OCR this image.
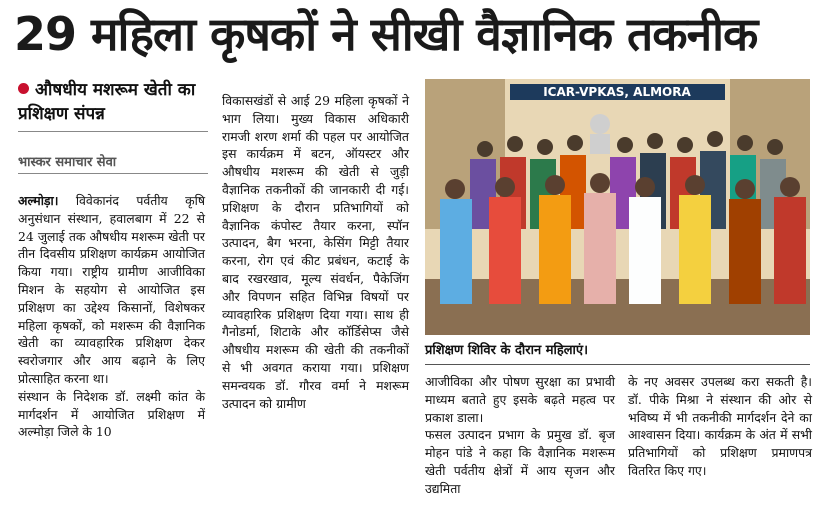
29 महिला कृषकों ने सीखी वैज्ञानिक तकनीक
औषधीय मशरूम खेती का प्रशिक्षण संपन्न
भास्कर समाचार सेवा

अल्मोड़ा। विवेकानंद पर्वतीय कृषि अनुसंधान संस्थान, हवालबाग में 22 से 24 जुलाई तक औषधीय मशरूम खेती पर तीन दिवसीय प्रशिक्षण कार्यक्रम आयोजित किया गया। राष्ट्रीय ग्रामीण आजीविका मिशन के सहयोग से आयोजित इस प्रशिक्षण का उद्देश्य किसानों, विशेषकर महिला कृषकों, को मशरूम की वैज्ञानिक खेती का व्यावहारिक प्रशिक्षण देकर स्वरोजगार और आय बढ़ाने के लिए प्रोत्साहित करना था।

संस्थान के निदेशक डॉ. लक्ष्मी कांत के मार्गदर्शन में आयोजित प्रशिक्षण में अल्मोड़ा जिले के 10

विकासखंडों से आई 29 महिला कृषकों ने भाग लिया। मुख्य विकास अधिकारी रामजी शरण शर्मा की पहल पर आयोजित इस कार्यक्रम में बटन, ऑयस्टर और औषधीय मशरूम की खेती से जुड़ी वैज्ञानिक तकनीकों की जानकारी दी गई। प्रशिक्षण के दौरान प्रतिभागियों को वैज्ञानिक कंपोस्ट तैयार करना, स्पॉन उत्पादन, बैग भरना, केसिंग मिट्टी तैयार करना, रोग एवं कीट प्रबंधन, कटाई के बाद रखरखाव, मूल्य संवर्धन, पैकेजिंग और विपणन सहित विभिन्न विषयों पर व्यावहारिक प्रशिक्षण दिया गया। साथ ही गैनोडर्मा, शिटाके और कॉर्डिसेप्स जैसे औषधीय मशरूम की खेती की तकनीकों से भी अवगत कराया गया। प्रशिक्षण समन्वयक डॉ. गौरव वर्मा ने मशरूम उत्पादन को ग्रामीण

ICAR-VPKAS, ALMORA
प्रशिक्षण शिविर के दौरान महिलाएं।

आजीविका और पोषण सुरक्षा का प्रभावी माध्यम बताते हुए इसके बढ़ते महत्व पर प्रकाश डाला।

फसल उत्पादन प्रभाग के प्रमुख डॉ. बृज मोहन पांडे ने कहा कि वैज्ञानिक मशरूम खेती पर्वतीय क्षेत्रों में आय सृजन और उद्यमिता

के नए अवसर उपलब्ध करा सकती है। डॉ. पीके मिश्रा ने संस्थान की ओर से भविष्य में भी तकनीकी मार्गदर्शन देने का आश्वासन दिया। कार्यक्रम के अंत में सभी प्रतिभागियों को प्रशिक्षण प्रमाणपत्र वितरित किए गए।
